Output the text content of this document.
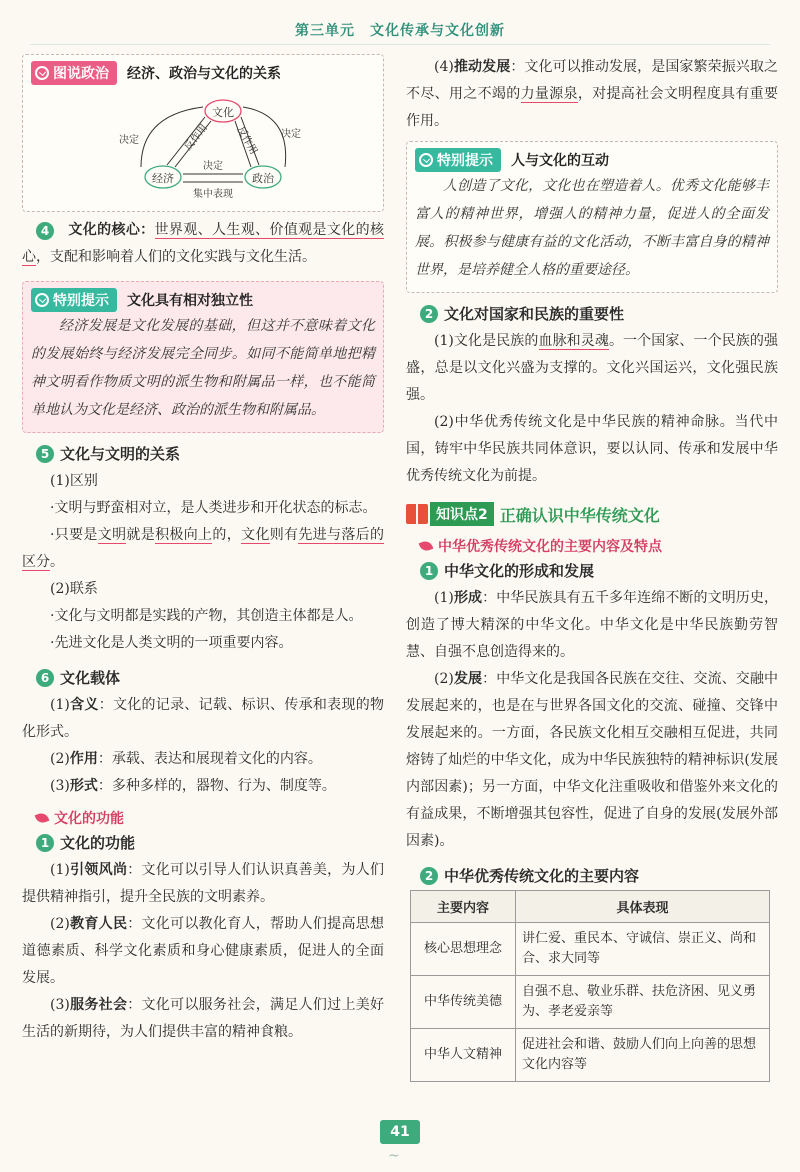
第三单元　文化传承与文化创新
图说政治 经济、政治与文化的关系
文化
经济	政治
决定
决定
决定
反作用 反作用
集中表现
4	文化的核心：世界观、人生观、价值观是文化的核心，支配和影响着人们的文化实践与文化生活。

特别提示 文化具有相对独立性

经济发展是文化发展的基础，但这并不意味着文化的发展始终与经济发展完全同步。如同不能简单地把精神文明看作物质文明的派生物和附属品一样，也不能简单地认为文化是经济、政治的派生物和附属品。

5 文化与文明的关系

(1)区别

·文明与野蛮相对立，是人类进步和开化状态的标志。

·只要是文明就是积极向上的，文化则有先进与落后的区分。

(2)联系

·文化与文明都是实践的产物，其创造主体都是人。

·先进文化是人类文明的一项重要内容。

6 文化载体

(1)含义：文化的记录、记载、标识、传承和表现的物化形式。

(2)作用：承载、表达和展现着文化的内容。

(3)形式：多种多样的，器物、行为、制度等。

文化的功能
1 文化的功能

(1)引领风尚：文化可以引导人们认识真善美，为人们提供精神指引，提升全民族的文明素养。

(2)教育人民：文化可以教化育人，帮助人们提高思想道德素质、科学文化素质和身心健康素质，促进人的全面发展。

(3)服务社会：文化可以服务社会，满足人们过上美好生活的新期待，为人们提供丰富的精神食粮。

(4)推动发展：文化可以推动发展，是国家繁荣振兴取之不尽、用之不竭的力量源泉，对提高社会文明程度具有重要作用。

特别提示 人与文化的互动

人创造了文化，文化也在塑造着人。优秀文化能够丰富人的精神世界，增强人的精神力量，促进人的全面发展。积极参与健康有益的文化活动，不断丰富自身的精神世界，是培养健全人格的重要途径。

2 文化对国家和民族的重要性

(1)文化是民族的血脉和灵魂。一个国家、一个民族的强盛，总是以文化兴盛为支撑的。文化兴国运兴，文化强民族强。

(2)中华优秀传统文化是中华民族的精神命脉。当代中国，铸牢中华民族共同体意识，要以认同、传承和发展中华优秀传统文化为前提。

知识点2 正确认识中华传统文化
中华优秀传统文化的主要内容及特点
1 中华文化的形成和发展

(1)形成：中华民族具有五千多年连绵不断的文明历史，创造了博大精深的中华文化。中华文化是中华民族勤劳智慧、自强不息创造得来的。

(2)发展：中华文化是我国各民族在交往、交流、交融中发展起来的，也是在与世界各国文化的交流、碰撞、交锋中发展起来的。一方面，各民族文化相互交融相互促进，共同熔铸了灿烂的中华文化，成为中华民族独特的精神标识(发展内部因素)；另一方面，中华文化注重吸收和借鉴外来文化的有益成果，不断增强其包容性，促进了自身的发展(发展外部因素)。

2 中华优秀传统文化的主要内容
主要内容	具体表现
核心思想理念	讲仁爱、重民本、守诚信、崇正义、尚和合、求大同等
中华传统美德	自强不息、敬业乐群、扶危济困、见义勇为、孝老爱亲等
中华人文精神	促进社会和谐、鼓励人们向上向善的思想文化内容等
41
~
